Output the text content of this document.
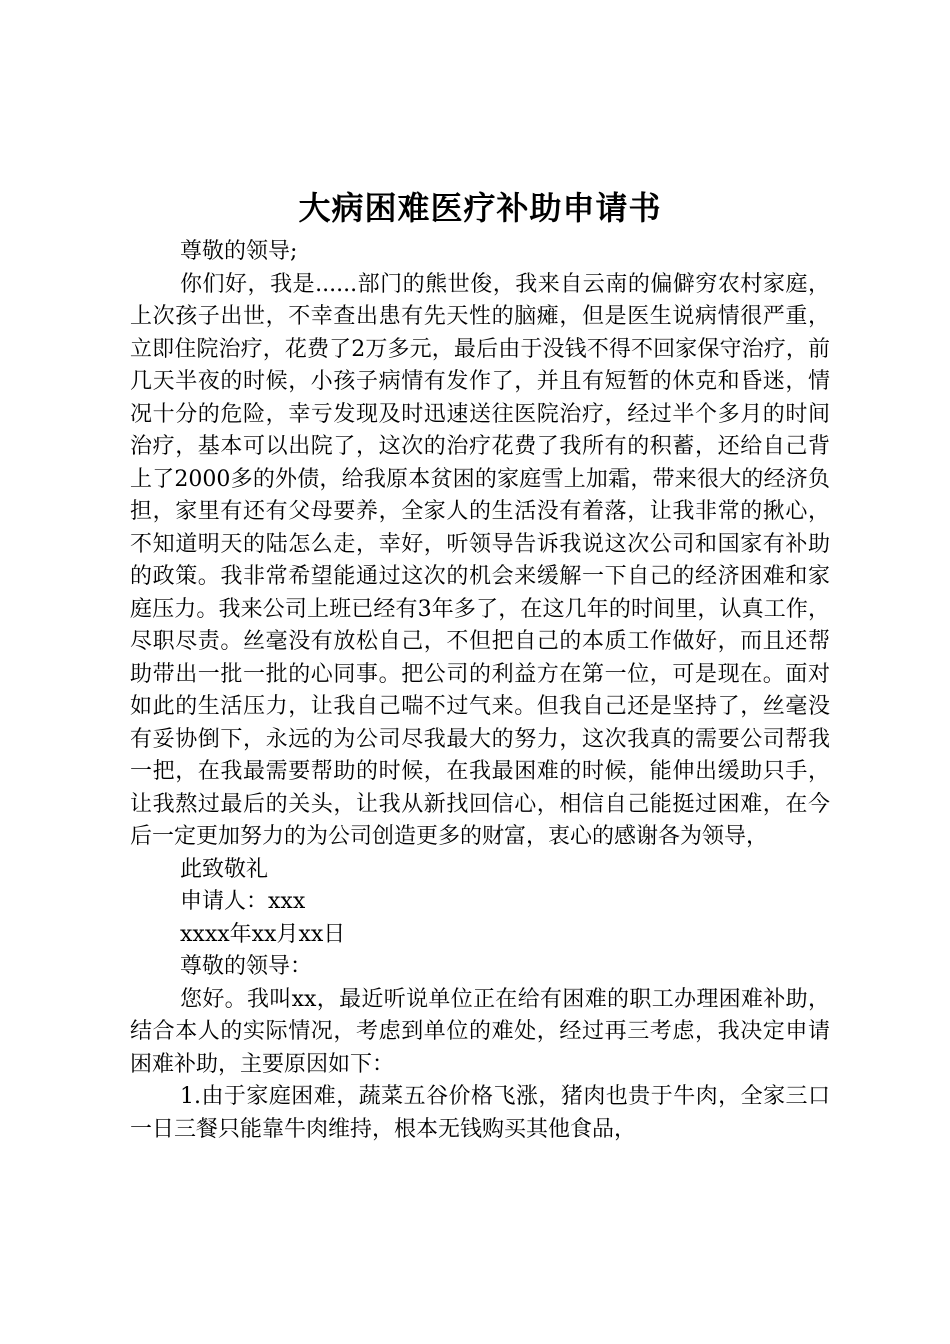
大病困难医疗补助申请书

尊敬的领导;

你们好，我是......部门的熊世俊，我来自云南的偏僻穷农村家庭，上次孩子出世，不幸查出患有先天性的脑瘫，但是医生说病情很严重，立即住院治疗，花费了2万多元，最后由于没钱不得不回家保守治疗，前几天半夜的时候，小孩子病情有发作了，并且有短暂的休克和昏迷，情况十分的危险，幸亏发现及时迅速送往医院治疗，经过半个多月的时间治疗，基本可以出院了，这次的治疗花费了我所有的积蓄，还给自己背上了2000多的外债，给我原本贫困的家庭雪上加霜，带来很大的经济负担，家里有还有父母要养，全家人的生活没有着落，让我非常的揪心，不知道明天的陆怎么走，幸好，听领导告诉我说这次公司和国家有补助的政策。我非常希望能通过这次的机会来缓解一下自己的经济困难和家庭压力。我来公司上班已经有3年多了，在这几年的时间里，认真工作，尽职尽责。丝毫没有放松自己，不但把自己的本质工作做好，而且还帮助带出一批一批的心同事。把公司的利益方在第一位，可是现在。面对如此的生活压力，让我自己喘不过气来。但我自己还是坚持了，丝毫没有妥协倒下，永远的为公司尽我最大的努力，这次我真的需要公司帮我一把，在我最需要帮助的时候，在我最困难的时候，能伸出缓助只手，让我熬过最后的关头，让我从新找回信心，相信自己能挺过困难，在今后一定更加努力的为公司创造更多的财富，衷心的感谢各为领导，

此致敬礼

申请人：xxx

xxxx年xx月xx日

尊敬的领导：

您好。我叫xx，最近听说单位正在给有困难的职工办理困难补助，结合本人的实际情况，考虑到单位的难处，经过再三考虑，我决定申请困难补助，主要原因如下：

1.由于家庭困难，蔬菜五谷价格飞涨，猪肉也贵于牛肉，全家三口一日三餐只能靠牛肉维持，根本无钱购买其他食品，
